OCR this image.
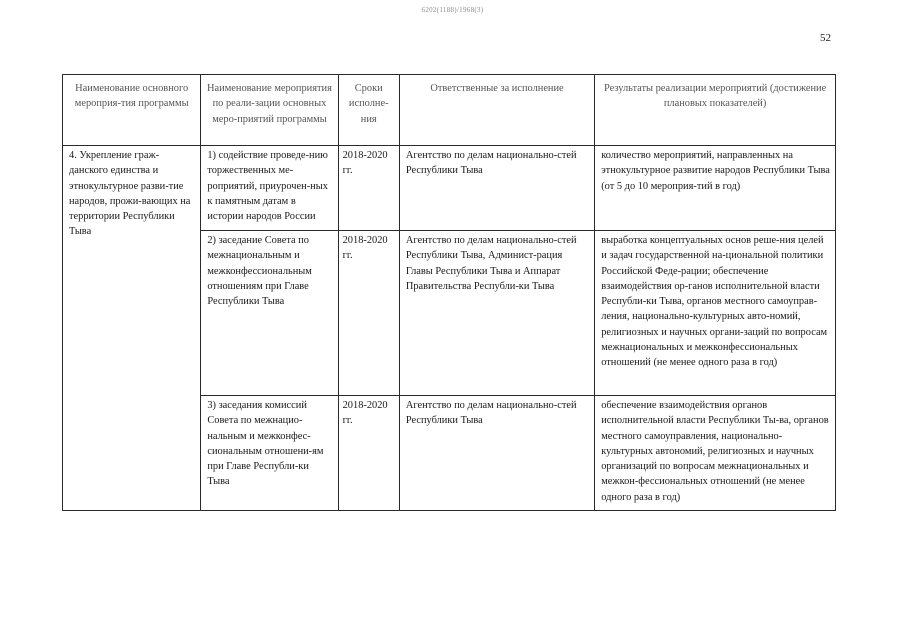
6202(1188)/1968(3)
52
Наименование основного мероприя-тия программы	Наименование мероприятия по реали-зации основных меро-приятий программы	Сроки исполне-ния	Ответственные за исполнение	Результаты реализации мероприятий (достижение плановых показателей)
4. Укрепление граж-данского единства и этнокультурное разви-тие народов, прожи-вающих на территории Республики Тыва	1) содействие проведе-нию торжественных ме-роприятий, приурочен-ных к памятным датам в истории народов России	2018-2020 гг.	Агентство по делам национально-стей Республики Тыва	количество мероприятий, направленных на этнокультурное развитие народов Республики Тыва (от 5 до 10 мероприя-тий в год)
	2) заседание Совета по межнациональным и межконфессиональным отношениям при Главе Республики Тыва	2018-2020 гг.	Агентство по делам национально-стей Республики Тыва, Админист-рация Главы Республики Тыва и Аппарат Правительства Республи-ки Тыва	выработка концептуальных основ реше-ния целей и задач государственной на-циональной политики Российской Феде-рации; обеспечение взаимодействия ор-ганов исполнительной власти Республи-ки Тыва, органов местного самоуправ-ления, национально-культурных авто-номий, религиозных и научных органи-заций по вопросам межнациональных и межконфессиональных отношений (не менее одного раза в год)
	3) заседания комиссий Совета по межнацио-нальным и межконфес-сиональным отношени-ям при Главе Республи-ки Тыва	2018-2020 гг.	Агентство по делам национально-стей Республики Тыва	обеспечение взаимодействия органов исполнительной власти Республики Ты-ва, органов местного самоуправления, национально-культурных автономий, религиозных и научных организаций по вопросам межнациональных и межкон-фессиональных отношений (не менее одного раза в год)
